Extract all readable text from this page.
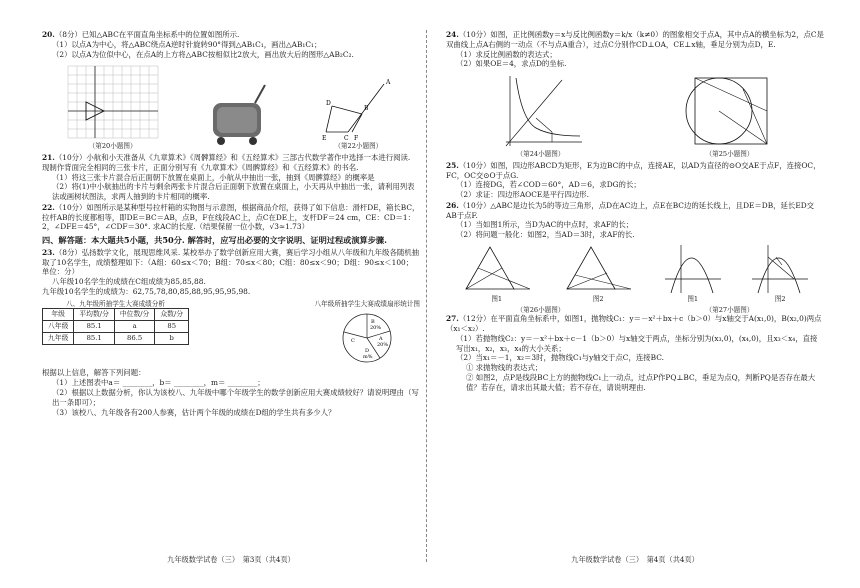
20.（8分）已知△ABC在平面直角坐标系中的位置如图所示.
（1）以点A为中心，将△ABC绕点A逆时针旋转90°得到△AB₁C₁，画出△AB₁C₁；
（2）以点A为位似中心，在点A的上方将△ABC按相似比2放大，画出放大后的图形△AB₂C₂.
（第20小题图）
A
B
D
E	C F
（第22小题图）
21.（10分）小航和小天准备从《九章算术》《周髀算经》和《五经算术》三部古代数学著作中选择一本进行阅读. 现制作背面完全相同的三张卡片，正面分别写有《九章算术》《周髀算经》和《五经算术》的书名.
（1）将这三张卡片混合后正面朝下放置在桌面上，小航从中抽出一张，抽到《周髀算经》的概率是
（2）将(1)中小航抽出的卡片与剩余两张卡片混合后正面朝下放置在桌面上，小天再从中抽出一张，请利用列表法或画树状图法，求两人抽到的卡片相同的概率.
22.（10分）如图所示是某种型号拉杆箱的实物图与示意图，根据商品介绍，获得了如下信息：滑杆DE，箱长BC，拉杆AB的长度都相等，即DE＝BC＝AB，点B，F在线段AC上，点C在DE上，支杆DF＝24 cm，CE：CD＝1：2，∠DFE＝45°，∠CDF＝30°. 求AC的长度.（结果保留一位小数，√3≈1.73）
四、解答题：本大题共5小题，共50分. 解答时，应写出必要的文字说明、证明过程或演算步骤.
23.（8分）弘扬数学文化，展现思维风采. 某校举办了数学创新应用大赛，赛后学习小组从八年级和九年级各随机抽取了10名学生，成绩整理如下：（A组：60≤x＜70；B组：70≤x＜80；C组：80≤x＜90；D组：90≤x＜100；单位：分）
八年级10名学生的成绩在C组成绩为85,85,88.
九年级10名学生的成绩为：62,75,78,80,85,88,95,95,95,98.
八、九年级所抽学生大赛成绩分析
年级	平均数/分	中位数/分	众数/分
八年级	85.1	a	85
九年级	85.1	86.5	b
八年级所抽学生大赛成绩扇形统计图
B
20%
A
20%
C
D
m%
根据以上信息，解答下列问题：
（1）上述图表中a＝ ________，b＝ ________，m＝ ________；
（2）根据以上数据分析，你认为该校八、九年级中哪个年级学生的数学创新应用大赛成绩较好？请说明理由（写出一条即可）；
（3）该校八、九年级各有200人参赛，估计两个年级的成绩在D组的学生共有多少人？
九年级数学试卷（三）　第3页（共4页）
24.（10分）如图，正比例函数y＝x与反比例函数y＝k/x（k≠0）的图象相交于点A，其中点A的横坐标为2，点C是双曲线上点A右侧的一动点（不与点A重合），过点C分别作CD⊥OA，CE⊥x轴，垂足分别为点D，E.
（1）求反比例函数的表达式；
（2）如果OE＝4，求点D的坐标.
（第24小题图）	（第25小题图）
25.（10分）如图，四边形ABCD为矩形，E为边BC的中点，连接AE，以AD为直径的⊙O交AE于点F，连接OC，FC，OC交⊙O于点G.
（1）连接DG，若∠COD＝60°，AD＝6，求DG的长；
（2）求证：四边形AOCE是平行四边形.
26.（10分）△ABC是边长为5的等边三角形，点D在AC边上，点E在BC边的延长线上，且DE＝DB，延长ED交AB于点F.
（1）当如图1所示，当D为AC的中点时，求AF的长；
（2）将问题一般化：如图2，当AD＝3时，求AF的长.
图1	图2	图1	图2
（第26小题图）	（第27小题图）
27.（12分）在平面直角坐标系中，如图1，抛物线C₁：y＝－x²＋bx＋c（b＞0）与x轴交于A(x₁,0)，B(x₂,0)两点（x₁＜x₂）.
（1）若抛物线C₂：y＝－x²＋bx＋c－1（b＞0）与x轴交于两点，坐标分别为(x₃,0)，(x₄,0)，且x₃＜x₄，直接写出x₁，x₂，x₃，x₄的大小关系；
（2）当x₁＝－1，x₂＝3时，抛物线C₁与y轴交于点C，连接BC.
① 求抛物线的表达式；
② 如图2，点P是线段BC上方的抛物线C₁上一动点，过点P作PQ⊥BC，垂足为点Q，判断PQ是否存在最大值？若存在，请求出其最大值；若不存在，请说明理由.
九年级数学试卷（三）　第4页（共4页）
